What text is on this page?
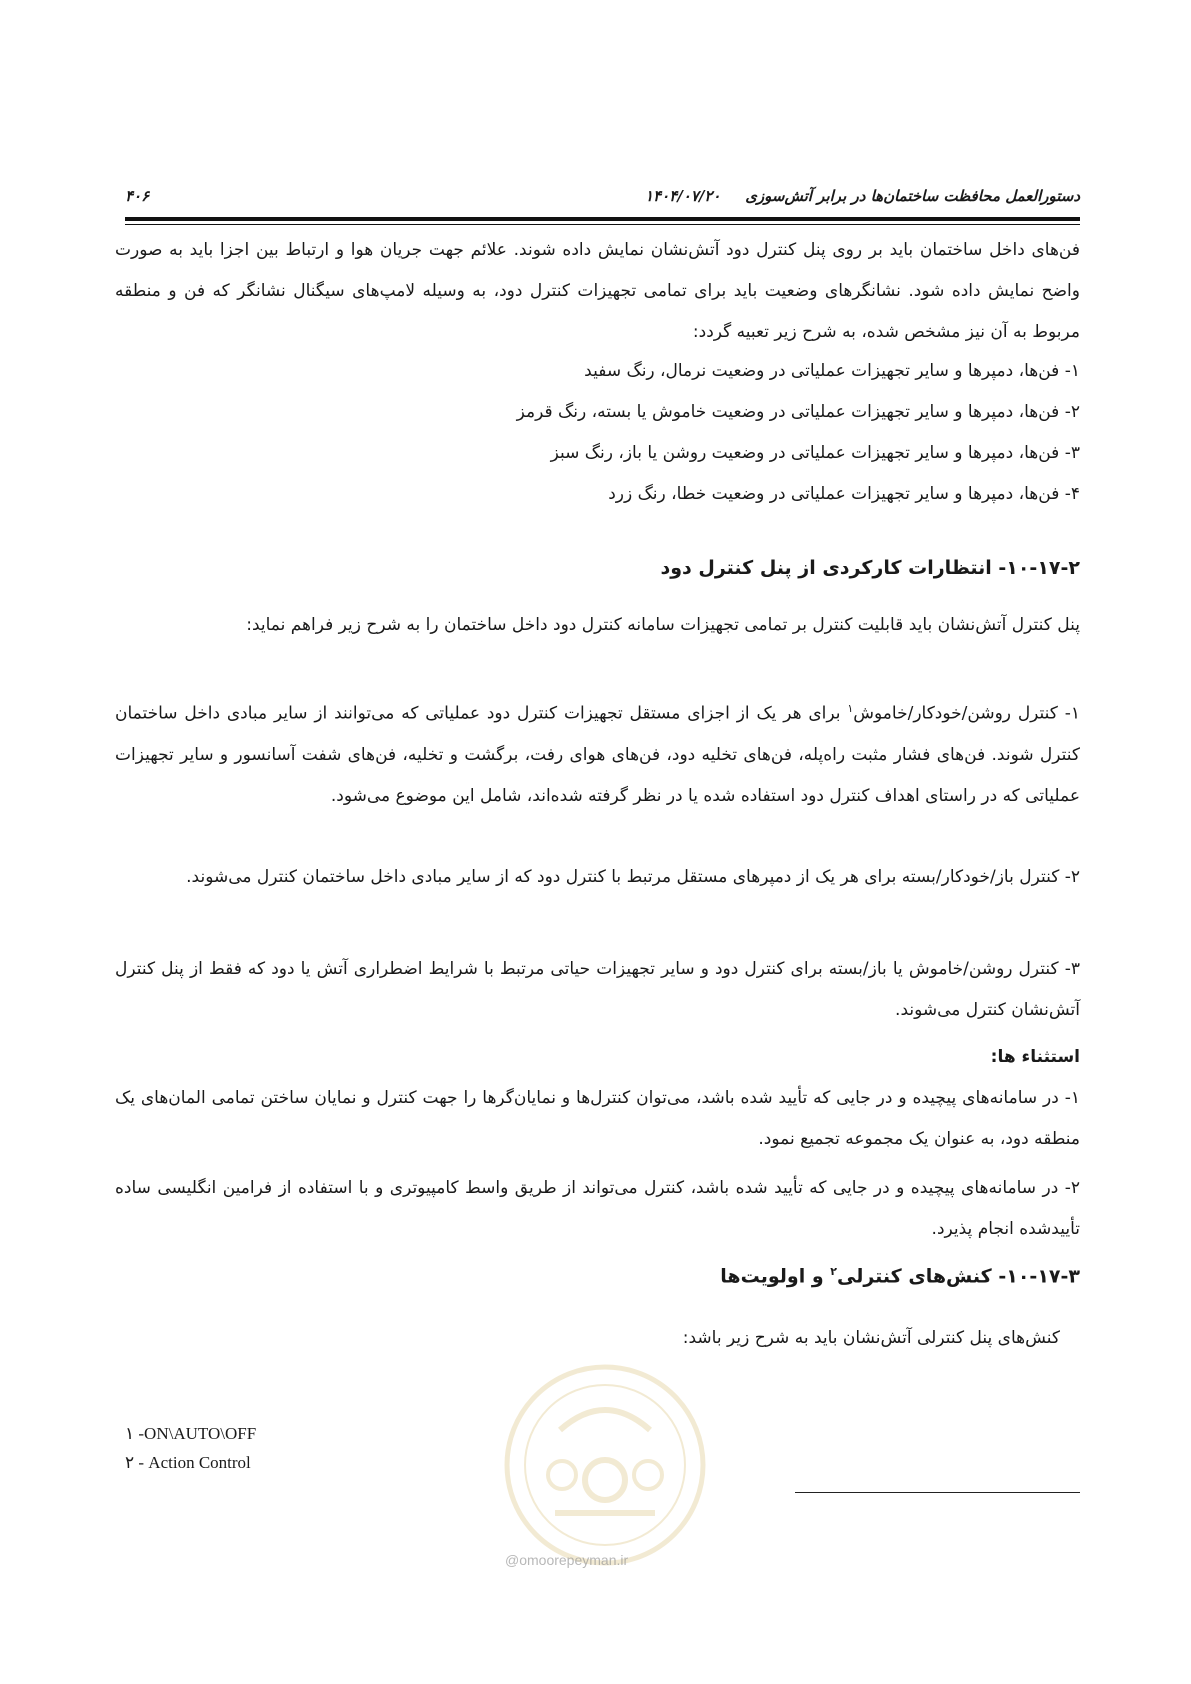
۴۰۶	۱۴۰۴/۰۷/۲۰ دستورالعمل محافظت ساختمان‌ها در برابر آتش‌سوزی

فن‌های داخل ساختمان باید بر روی پنل کنترل دود آتش‌نشان نمایش داده شوند. علائم جهت جریان هوا و ارتباط بین اجزا باید به صورت واضح نمایش داده شود. نشانگرهای وضعیت باید برای تمامی تجهیزات کنترل دود، به وسیله لامپ‌های سیگنال نشانگر که فن و منطقه مربوط به آن نیز مشخص شده، به شرح زیر تعبیه گردد:

۱- فن‌ها، دمپرها و سایر تجهیزات عملیاتی در وضعیت نرمال، رنگ سفید
۲- فن‌ها، دمپرها و سایر تجهیزات عملیاتی در وضعیت خاموش یا بسته، رنگ قرمز
۳- فن‌ها، دمپرها و سایر تجهیزات عملیاتی در وضعیت روشن یا باز، رنگ سبز
۴- فن‌ها، دمپرها و سایر تجهیزات عملیاتی در وضعیت خطا، رنگ زرد
۱۰-۱۷-۲- انتظارات کارکردی از پنل کنترل دود

پنل کنترل آتش‌نشان باید قابلیت کنترل بر تمامی تجهیزات سامانه کنترل دود داخل ساختمان را به شرح زیر فراهم نماید:

۱- کنترل روشن/خودکار/خاموش$^۱$ برای هر یک از اجزای مستقل تجهیزات کنترل دود عملیاتی که می‌توانند از سایر مبادی داخل ساختمان کنترل شوند. فن‌های فشار مثبت راه‌پله، فن‌های تخلیه دود، فن‌های هوای رفت، برگشت و تخلیه، فن‌های شفت آسانسور و سایر تجهیزات عملیاتی که در راستای اهداف کنترل دود استفاده شده یا در نظر گرفته شده‌اند، شامل این موضوع می‌شود.

۲- کنترل باز/خودکار/بسته برای هر یک از دمپرهای مستقل مرتبط با کنترل دود که از سایر مبادی داخل ساختمان کنترل می‌شوند.

۳- کنترل روشن/خاموش یا باز/بسته برای کنترل دود و سایر تجهیزات حیاتی مرتبط با شرایط اضطراری آتش یا دود که فقط از پنل کنترل آتش‌نشان کنترل می‌شوند.

استثناء ها:

۱- در سامانه‌های پیچیده و در جایی که تأیید شده باشد، می‌توان کنترل‌ها و نمایان‌گرها را جهت کنترل و نمایان ساختن تمامی المان‌های یک منطقه دود، به عنوان یک مجموعه تجمیع نمود.

۲- در سامانه‌های پیچیده و در جایی که تأیید شده باشد، کنترل می‌تواند از طریق واسط کامپیوتری و با استفاده از فرامین انگلیسی ساده تأییدشده انجام پذیرد.

۱۰-۱۷-۳- کنش‌های کنترلی$^۲$ و اولویت‌ها
کنش‌های پنل کنترلی آتش‌نشان باید به شرح زیر باشد:
@omoorepeyman.ir
۱ -ON\AUTO\OFF
۲ - Action Control
